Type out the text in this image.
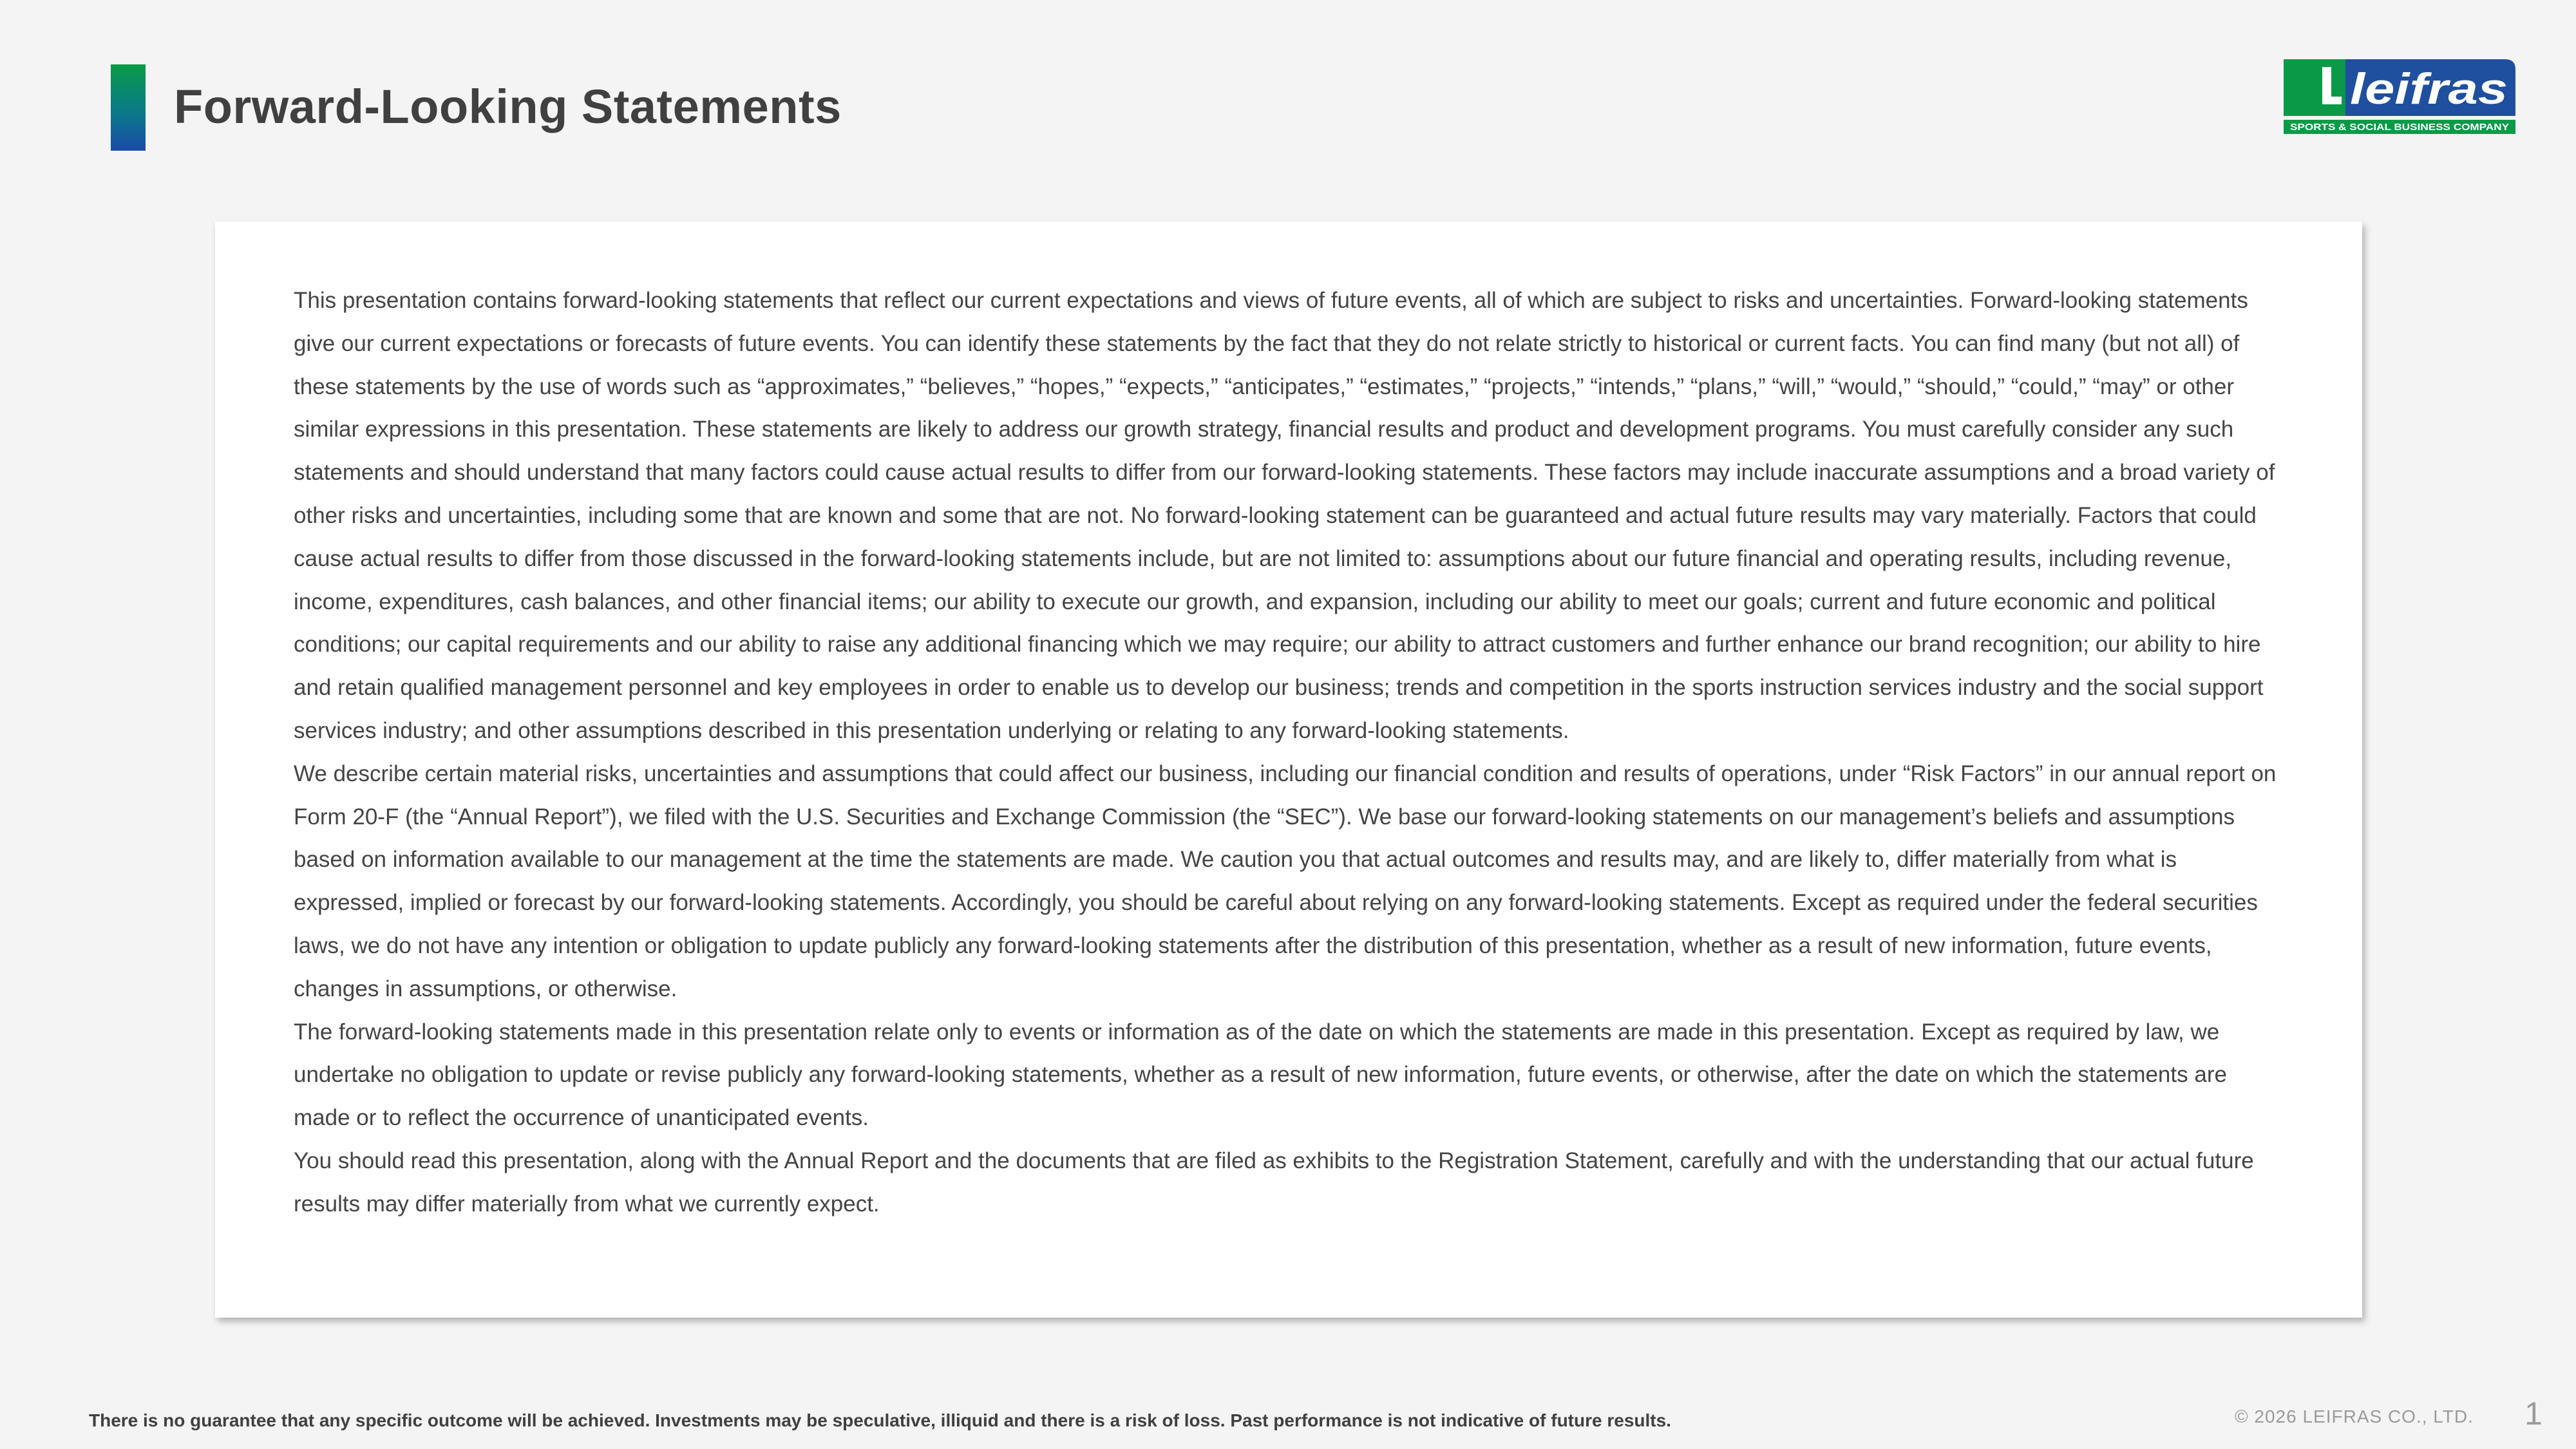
Forward-Looking Statements	leifras
SPORTS & SOCIAL BUSINESS COMPANY

This presentation contains forward-looking statements that reflect our current expectations and views of future events, all of which are subject to risks and uncertainties. Forward-looking statements give our current expectations or forecasts of future events. You can identify these statements by the fact that they do not relate strictly to historical or current facts. You can find many (but not all) of these statements by the use of words such as “approximates,” “believes,” “hopes,” “expects,” “anticipates,” “estimates,” “projects,” “intends,” “plans,” “will,” “would,” “should,” “could,” “may” or other similar expressions in this presentation. These statements are likely to address our growth strategy, financial results and product and development programs. You must carefully consider any such statements and should understand that many factors could cause actual results to differ from our forward-looking statements. These factors may include inaccurate assumptions and a broad variety of other risks and uncertainties, including some that are known and some that are not. No forward-looking statement can be guaranteed and actual future results may vary materially. Factors that could cause actual results to differ from those discussed in the forward-looking statements include, but are not limited to: assumptions about our future financial and operating results, including revenue, income, expenditures, cash balances, and other financial items; our ability to execute our growth, and expansion, including our ability to meet our goals; current and future economic and political conditions; our capital requirements and our ability to raise any additional financing which we may require; our ability to attract customers and further enhance our brand recognition; our ability to hire and retain qualified management personnel and key employees in order to enable us to develop our business; trends and competition in the sports instruction services industry and the social support services industry; and other assumptions described in this presentation underlying or relating to any forward-looking statements.

We describe certain material risks, uncertainties and assumptions that could affect our business, including our financial condition and results of operations, under “Risk Factors” in our annual report on Form 20-F (the “Annual Report”), we filed with the U.S. Securities and Exchange Commission (the “SEC”). We base our forward-looking statements on our management’s beliefs and assumptions based on information available to our management at the time the statements are made. We caution you that actual outcomes and results may, and are likely to, differ materially from what is expressed, implied or forecast by our forward-looking statements. Accordingly, you should be careful about relying on any forward-looking statements. Except as required under the federal securities laws, we do not have any intention or obligation to update publicly any forward-looking statements after the distribution of this presentation, whether as a result of new information, future events, changes in assumptions, or otherwise.

The forward-looking statements made in this presentation relate only to events or information as of the date on which the statements are made in this presentation. Except as required by law, we undertake no obligation to update or revise publicly any forward-looking statements, whether as a result of new information, future events, or otherwise, after the date on which the statements are made or to reflect the occurrence of unanticipated events.

You should read this presentation, along with the Annual Report and the documents that are filed as exhibits to the Registration Statement, carefully and with the understanding that our actual future results may differ materially from what we currently expect.

There is no guarantee that any specific outcome will be achieved. Investments may be speculative, illiquid and there is a risk of loss. Past performance is not indicative of future results.	© 2026 LEIFRAS CO., LTD. 1
